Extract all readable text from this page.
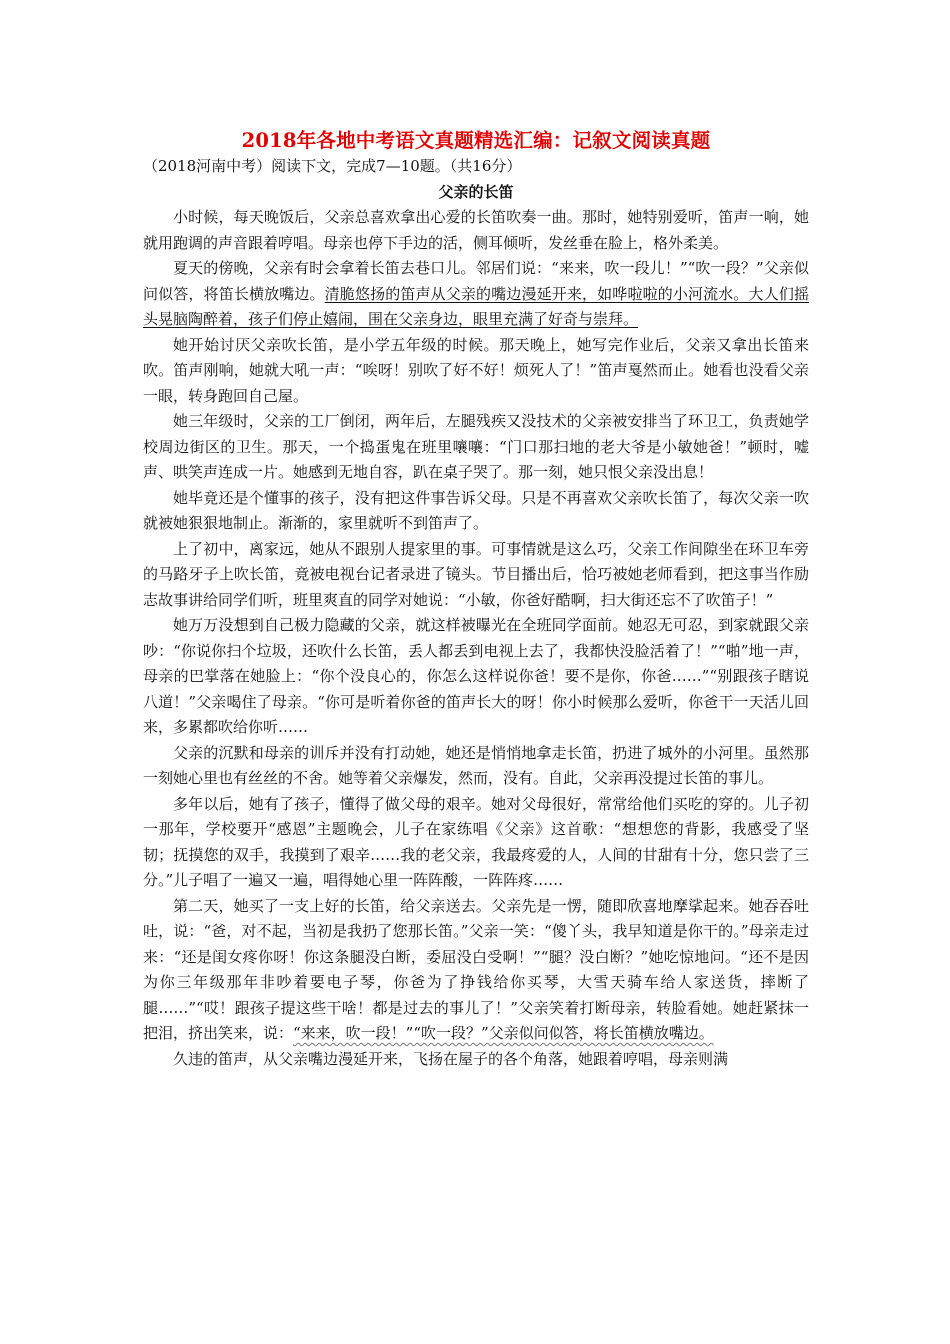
2018年各地中考语文真题精选汇编：记叙文阅读真题
（2018河南中考）阅读下文，完成7—10题。（共16分）
父亲的长笛

小时候，每天晚饭后，父亲总喜欢拿出心爱的长笛吹奏一曲。那时，她特别爱听，笛声一响，她就用跑调的声音跟着哼唱。母亲也停下手边的活，侧耳倾听，发丝垂在脸上，格外柔美。

夏天的傍晚，父亲有时会拿着长笛去巷口儿。邻居们说：“来来，吹一段儿！”“吹一段？”父亲似问似答，将笛长横放嘴边。清脆悠扬的笛声从父亲的嘴边漫延开来，如哗啦啦的小河流水。大人们摇头晃脑陶醉着，孩子们停止嬉闹，围在父亲身边，眼里充满了好奇与崇拜。

她开始讨厌父亲吹长笛，是小学五年级的时候。那天晚上，她写完作业后，父亲又拿出长笛来吹。笛声刚响，她就大吼一声：“唉呀！别吹了好不好！烦死人了！”笛声戛然而止。她看也没看父亲一眼，转身跑回自己屋。

她三年级时，父亲的工厂倒闭，两年后，左腿残疾又没技术的父亲被安排当了环卫工，负责她学校周边街区的卫生。那天，一个捣蛋鬼在班里嚷嚷：“门口那扫地的老大爷是小敏她爸！”顿时，嘘声、哄笑声连成一片。她感到无地自容，趴在桌子哭了。那一刻，她只恨父亲没出息！

她毕竟还是个懂事的孩子，没有把这件事告诉父母。只是不再喜欢父亲吹长笛了，每次父亲一吹就被她狠狠地制止。渐渐的，家里就听不到笛声了。

上了初中，离家远，她从不跟别人提家里的事。可事情就是这么巧，父亲工作间隙坐在环卫车旁的马路牙子上吹长笛，竟被电视台记者录进了镜头。节目播出后，恰巧被她老师看到，把这事当作励志故事讲给同学们听，班里爽直的同学对她说：“小敏，你爸好酷啊，扫大街还忘不了吹笛子！”

她万万没想到自己极力隐藏的父亲，就这样被曝光在全班同学面前。她忍无可忍，到家就跟父亲吵：“你说你扫个垃圾，还吹什么长笛，丢人都丢到电视上去了，我都快没脸活着了！”“啪”地一声，母亲的巴掌落在她脸上：“你个没良心的，你怎么这样说你爸！要不是你，你爸……”“别跟孩子瞎说八道！”父亲喝住了母亲。“你可是听着你爸的笛声长大的呀！你小时候那么爱听，你爸干一天活儿回来，多累都吹给你听……

父亲的沉默和母亲的训斥并没有打动她，她还是悄悄地拿走长笛，扔进了城外的小河里。虽然那一刻她心里也有丝丝的不舍。她等着父亲爆发，然而，没有。自此，父亲再没提过长笛的事儿。

多年以后，她有了孩子，懂得了做父母的艰辛。她对父母很好，常常给他们买吃的穿的。儿子初一那年，学校要开“感恩”主题晚会，儿子在家练唱《父亲》这首歌：“想想您的背影，我感受了坚韧；抚摸您的双手，我摸到了艰辛……我的老父亲，我最疼爱的人，人间的甘甜有十分，您只尝了三分。”儿子唱了一遍又一遍，唱得她心里一阵阵酸，一阵阵疼……

第二天，她买了一支上好的长笛，给父亲送去。父亲先是一愣，随即欣喜地摩挲起来。她吞吞吐吐，说：“爸，对不起，当初是我扔了您那长笛。”父亲一笑：“傻丫头，我早知道是你干的。”母亲走过来：“还是闺女疼你呀！你这条腿没白断，委屈没白受啊！”“腿？没白断？”她吃惊地问。“还不是因为你三年级那年非吵着要电子琴，你爸为了挣钱给你买琴，大雪天骑车给人家送货，摔断了腿……”“哎！跟孩子提这些干啥！都是过去的事儿了！”父亲笑着打断母亲，转脸看她。她赶紧抹一把泪，挤出笑来，说：“来来，吹一段！”“吹一段？”父亲似问似答，将长笛横放嘴边。

久违的笛声，从父亲嘴边漫延开来，飞扬在屋子的各个角落，她跟着哼唱，母亲则满
